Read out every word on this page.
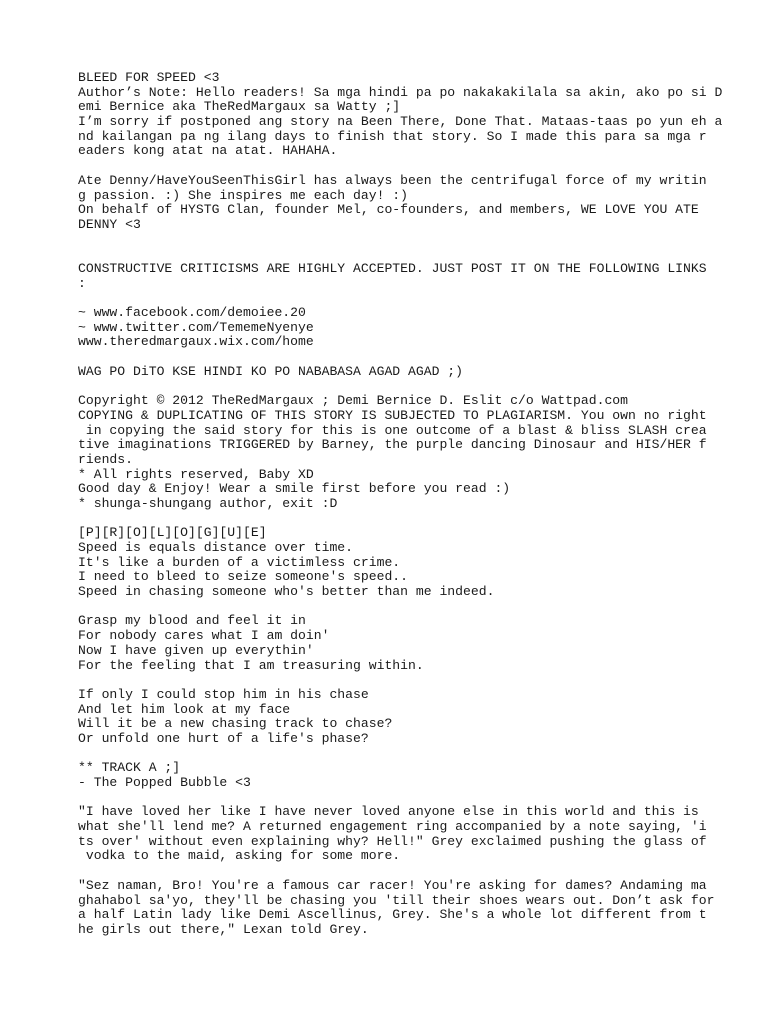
BLEED FOR SPEED <3
Author’s Note: Hello readers! Sa mga hindi pa po nakakakilala sa akin, ako po si D
emi Bernice aka TheRedMargaux sa Watty ;]
I’m sorry if postponed ang story na Been There, Done That. Mataas-taas po yun eh a
nd kailangan pa ng ilang days to finish that story. So I made this para sa mga r
eaders kong atat na atat. HAHAHA.

Ate Denny/HaveYouSeenThisGirl has always been the centrifugal force of my writin
g passion. :) She inspires me each day! :)
On behalf of HYSTG Clan, founder Mel, co-founders, and members, WE LOVE YOU ATE
DENNY <3

CONSTRUCTIVE CRITICISMS ARE HIGHLY ACCEPTED. JUST POST IT ON THE FOLLOWING LINKS
:

~ www.facebook.com/demoiee.20
~ www.twitter.com/TememeNyenye
www.theredmargaux.wix.com/home

WAG PO DiTO KSE HINDI KO PO NABABASA AGAD AGAD ;)

Copyright © 2012 TheRedMargaux ; Demi Bernice D. Eslit c/o Wattpad.com
COPYING & DUPLICATING OF THIS STORY IS SUBJECTED TO PLAGIARISM. You own no right
in copying the said story for this is one outcome of a blast & bliss SLASH crea
tive imaginations TRIGGERED by Barney, the purple dancing Dinosaur and HIS/HER f
riends.
* All rights reserved, Baby XD
Good day & Enjoy! Wear a smile first before you read :)
* shunga-shungang author, exit :D

[P][R][O][L][O][G][U][E]
Speed is equals distance over time.
It's like a burden of a victimless crime.
I need to bleed to seize someone's speed..
Speed in chasing someone who's better than me indeed.

Grasp my blood and feel it in
For nobody cares what I am doin'
Now I have given up everythin'
For the feeling that I am treasuring within.

If only I could stop him in his chase
And let him look at my face
Will it be a new chasing track to chase?
Or unfold one hurt of a life's phase?

** TRACK A ;]
- The Popped Bubble <3

"I have loved her like I have never loved anyone else in this world and this is
what she'll lend me? A returned engagement ring accompanied by a note saying, 'i
ts over' without even explaining why? Hell!" Grey exclaimed pushing the glass of
vodka to the maid, asking for some more.

"Sez naman, Bro! You're a famous car racer! You're asking for dames? Andaming ma
ghahabol sa'yo, they'll be chasing you 'till their shoes wears out. Don’t ask for
a half Latin lady like Demi Ascellinus, Grey. She's a whole lot different from t
he girls out there," Lexan told Grey.
